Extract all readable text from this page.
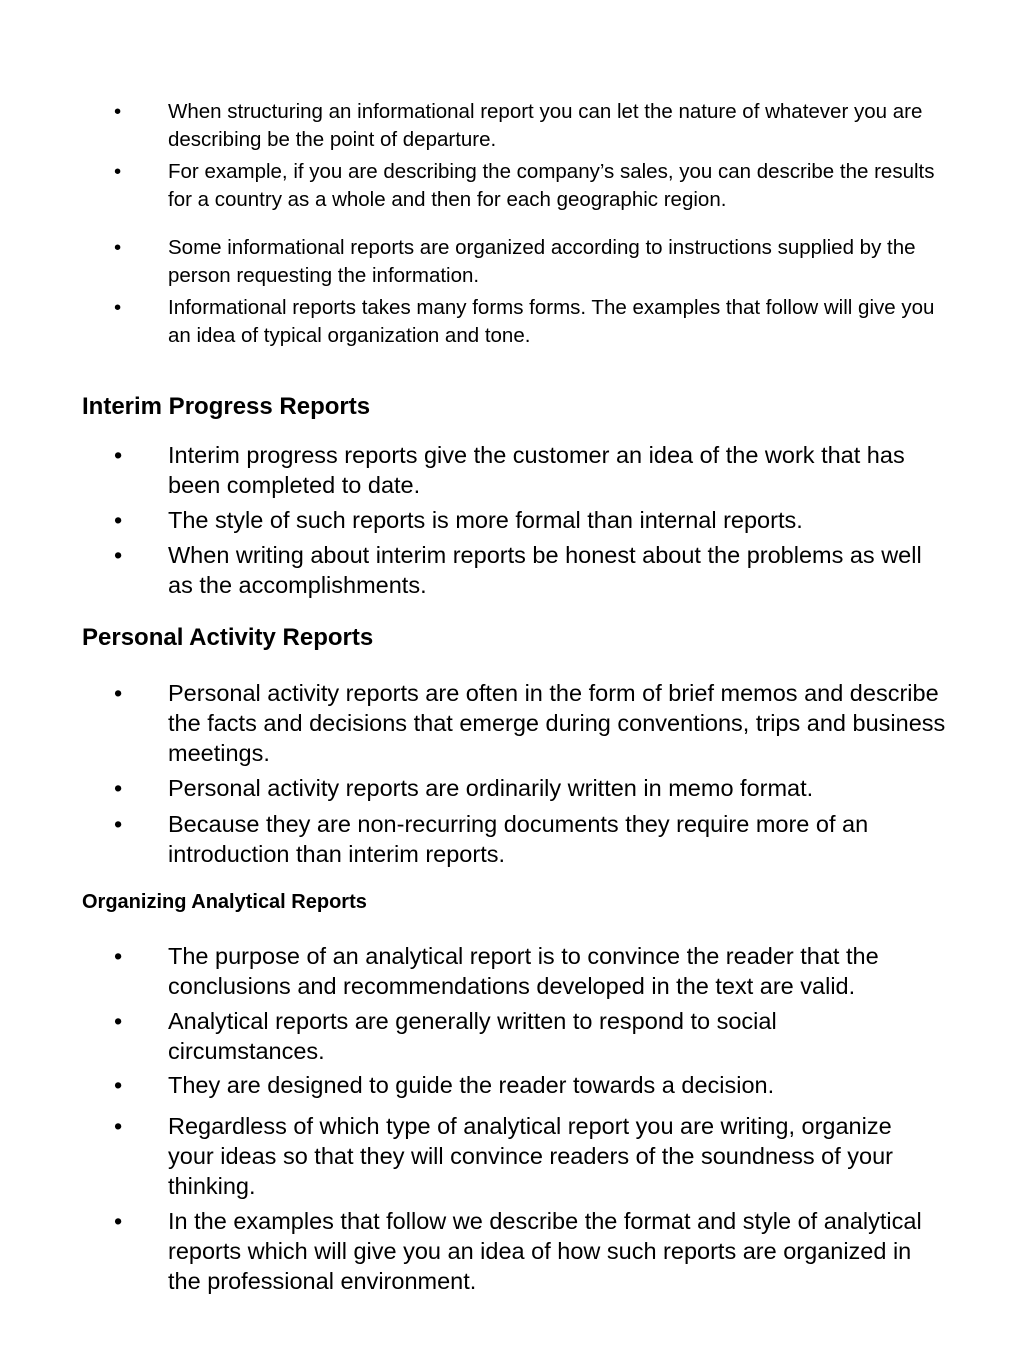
• When structuring an informational report you can let the nature of whatever you are describing be the point of departure.
• For example, if you are describing the company’s sales, you can describe the results for a country as a whole and then for each geographic region.
• Some informational reports are organized according to instructions supplied by the person requesting the information.
• Informational reports takes many forms forms. The examples that follow will give you an idea of typical organization and tone.
Interim Progress Reports
• Interim progress reports give the customer an idea of the work that has been completed to date.
• The style of such reports is more formal than internal reports.
• When writing about interim reports be honest about the problems as well as the accomplishments.
Personal Activity Reports
• Personal activity reports are often in the form of brief memos and describe the facts and decisions that emerge during conventions, trips and business meetings.
• Personal activity reports are ordinarily written in memo format.
• Because they are non-recurring documents they require more of an introduction than interim reports.
Organizing Analytical Reports
• The purpose of an analytical report is to convince the reader that the conclusions and recommendations developed in the text are valid.
• Analytical reports are generally written to respond to social circumstances.
• They are designed to guide the reader towards a decision.
• Regardless of which type of analytical report you are writing, organize your ideas so that they will convince readers of the soundness of your thinking.
• In the examples that follow we describe the format and style of analytical reports which will give you an idea of how such reports are organized in the professional environment.
